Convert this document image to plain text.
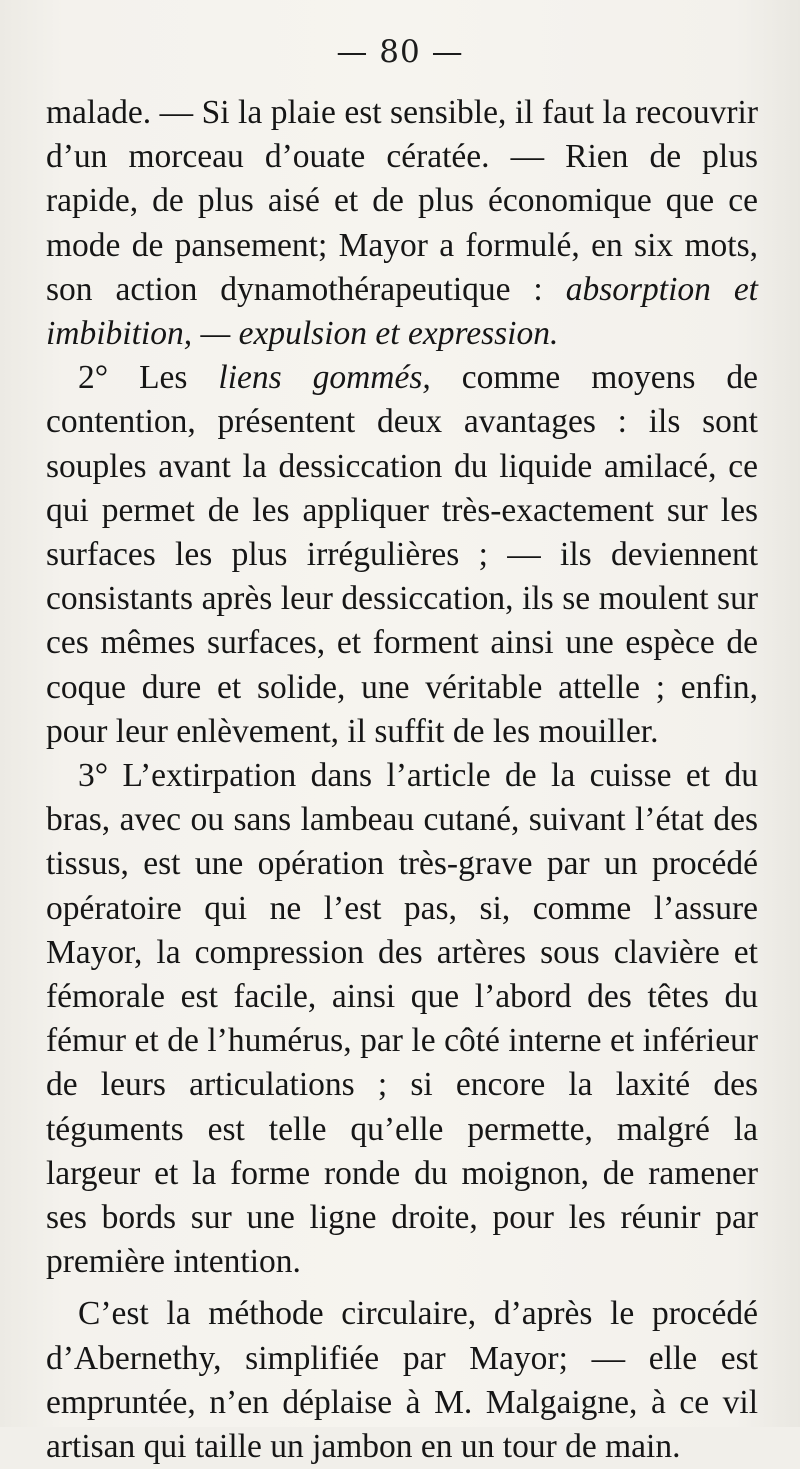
— 80 —

malade. — Si la plaie est sensible, il faut la recouvrir d’un morceau d’ouate cératée. — Rien de plus rapide, de plus aisé et de plus économique que ce mode de pansement; Mayor a formulé, en six mots, son action dynamothérapeutique : absorption et imbibition, — expulsion et expression.

2° Les liens gommés, comme moyens de contention, présentent deux avantages : ils sont souples avant la dessiccation du liquide amilacé, ce qui permet de les appliquer très-exactement sur les surfaces les plus irrégulières ; — ils deviennent consistants après leur dessiccation, ils se moulent sur ces mêmes surfaces, et forment ainsi une espèce de coque dure et solide, une véritable attelle ; enfin, pour leur enlèvement, il suffit de les mouiller.

3° L’extirpation dans l’article de la cuisse et du bras, avec ou sans lambeau cutané, suivant l’état des tissus, est une opération très-grave par un procédé opératoire qui ne l’est pas, si, comme l’assure Mayor, la compression des artères sous clavière et fémorale est facile, ainsi que l’abord des têtes du fémur et de l’humérus, par le côté interne et inférieur de leurs articulations ; si encore la laxité des téguments est telle qu’elle permette, malgré la largeur et la forme ronde du moignon, de ramener ses bords sur une ligne droite, pour les réunir par première intention.

C’est la méthode circulaire, d’après le procédé d’Abernethy, simplifiée par Mayor; — elle est empruntée, n’en déplaise à M. Malgaigne, à ce vil artisan qui taille un jambon en un tour de main.
